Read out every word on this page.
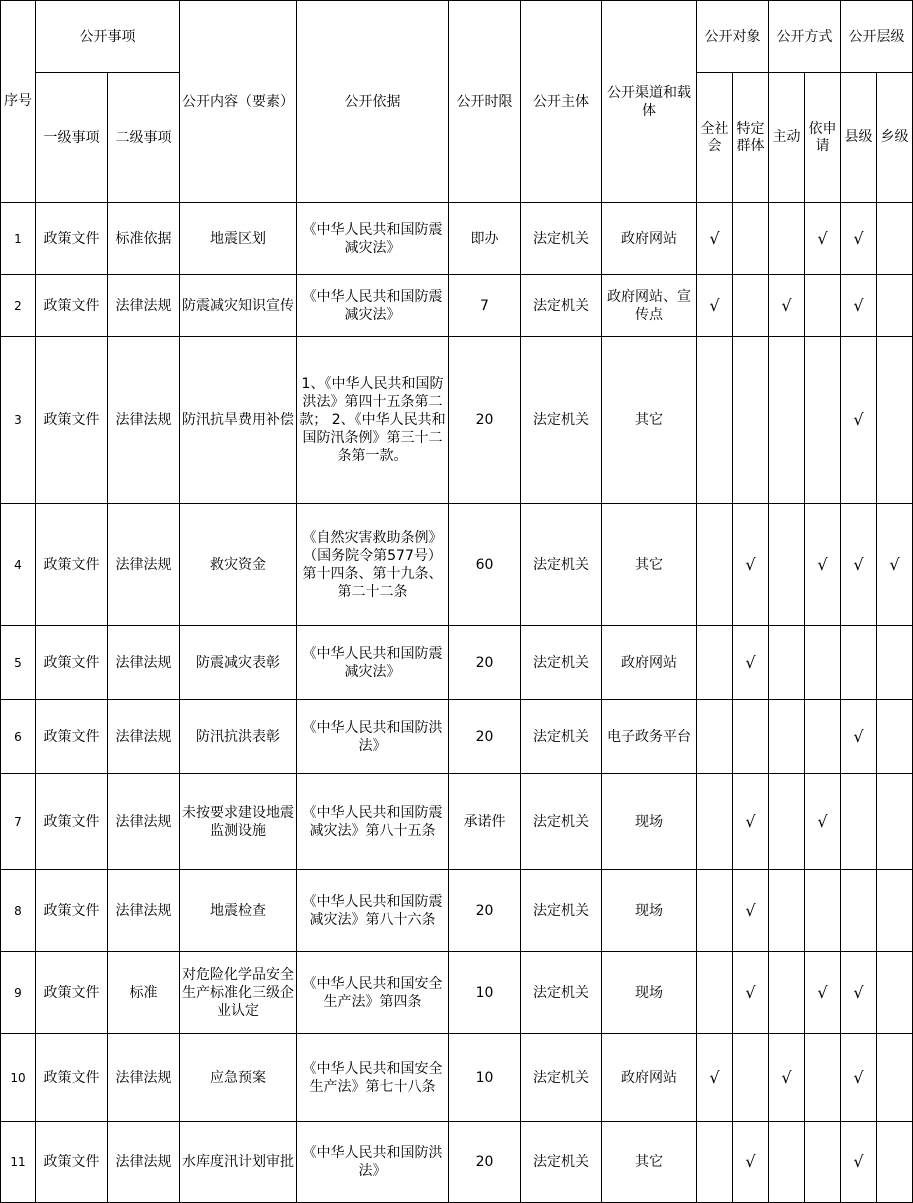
序号	公开事项		公开内容（要素）	公开依据	公开时限	公开主体	公开渠道和载体	公开对象		公开方式		公开层级	
	一级事项	二级事项						全社会	特定群体	主动	依申请	县级	乡级
1	政策文件	标准依据	地震区划	《中华人民共和国防震减灾法》	即办	法定机关	政府网站	√			√	√	
2	政策文件	法律法规	防震减灾知识宣传	《中华人民共和国防震减灾法》	7	法定机关	政府网站、宣传点	√		√		√	
3	政策文件	法律法规	防汛抗旱费用补偿	1、《中华人民共和国防洪法》第四十五条第二款； 2、《中华人民共和国防汛条例》第三十二条第一款。	20	法定机关	其它					√	
4	政策文件	法律法规	救灾资金	《自然灾害救助条例》（国务院令第577号）第十四条、第十九条、第二十二条	60	法定机关	其它		√		√	√	√
5	政策文件	法律法规	防震减灾表彰	《中华人民共和国防震减灾法》	20	法定机关	政府网站		√				
6	政策文件	法律法规	防汛抗洪表彰	《中华人民共和国防洪法》	20	法定机关	电子政务平台					√	
7	政策文件	法律法规	未按要求建设地震监测设施	《中华人民共和国防震减灾法》第八十五条	承诺件	法定机关	现场		√		√		
8	政策文件	法律法规	地震检查	《中华人民共和国防震减灾法》第八十六条	20	法定机关	现场		√				
9	政策文件	标准	对危险化学品安全生产标准化三级企业认定	《中华人民共和国安全生产法》第四条	10	法定机关	现场		√		√	√	
10	政策文件	法律法规	应急预案	《中华人民共和国安全生产法》第七十八条	10	法定机关	政府网站	√		√		√	
11	政策文件	法律法规	水库度汛计划审批	《中华人民共和国防洪法》	20	法定机关	其它		√			√	
